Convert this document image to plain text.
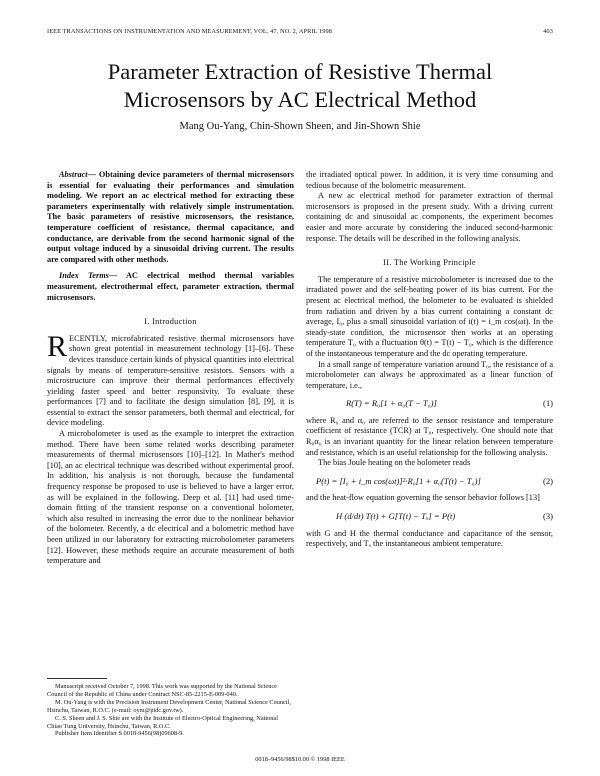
IEEE TRANSACTIONS ON INSTRUMENTATION AND MEASUREMENT, VOL. 47, NO. 2, APRIL 1998	403
Parameter Extraction of Resistive Thermal
Microsensors by AC Electrical Method
Mang Ou-Yang, Chin-Shown Sheen, and Jin-Shown Shie

Abstract— Obtaining device parameters of thermal microsensors is essential for evaluating their performances and simulation modeling. We report an ac electrical method for extracting these parameters experimentally with relatively simple instrumentation. The basic parameters of resistive microsensors, the resistance, temperature coefficient of resistance, thermal capacitance, and conductance, are derivable from the second harmonic signal of the output voltage induced by a sinusoidal driving current. The results are compared with other methods.

Index Terms— AC electrical method thermal variables measurement, electrothermal effect, parameter extraction, thermal microsensors.

I. Introduction

RECENTLY, microfabricated resistive thermal microsensors have shown great potential in measurement technology [1]–[6]. These devices transduce certain kinds of physical quantities into electrical signals by means of temperature-sensitive resistors. Sensors with a microstructure can improve their thermal performances effectively yielding faster speed and better responsivity. To evaluate these performances [7] and to facilitate the design simulation [8], [9], it is essential to extract the sensor parameters, both thermal and electrical, for device modeling.

A microbolometer is used as the example to interpret the extraction method. There have been some related works describing parameter measurements of thermal microsensors [10]–[12]. In Mather's method [10], an ac electrical technique was described without experimental proof. In addition, his analysis is not thorough, because the fundamental frequency response be proposed to use is believed to have a larger error, as will be explained in the following. Deep et al. [11] had used time-domain fitting of the transient response on a conventional bolometer, which also resulted in increasing the error due to the nonlinear behavior of the bolometer. Recently, a dc electrical and a bolometric method have been utilized in our laboratory for extracting microbolometer parameters [12]. However, these methods require an accurate measurement of both temperature and

Manuscript received October 7, 1998. This work was supported by the National Science Council of the Republic of China under Contract NSC-85-2215-E-009-040.

M. Ou-Yang is with the Precision Instrument Development Center, National Science Council, Hsinchu, Taiwan, R.O.C. (e-mail: oym@pidc.gov.tw).

C. S. Sheen and J. S. Shie are with the Institute of Electro-Optical Engineering, National Chiao Tung University, Hsinchu, Taiwan, R.O.C.

Publisher Item Identifier S 0018-9456(98)09608-9.

the irradiated optical power. In addition, it is very time consuming and tedious because of the bolometric measurement.

A new ac electrical method for parameter extraction of thermal microsensors is proposed in the present study. With a driving current containing dc and sinusoidal ac components, the experiment becomes easier and more accurate by considering the induced second-harmonic response. The details will be described in the following analysis.

II. The Working Principle

The temperature of a resistive microbolometer is increased due to the irradiated power and the self-heating power of its bias current. For the present ac electrical method, the bolometer to be evaluated is shielded from radiation and driven by a bias current containing a constant dc average, I₀, plus a small sinusoidal variation of i(t) = i_m cos(ωt). In the steady-state condition, the microsensor then works at an operating temperature T₀ with a fluctuation θ(t) = T(t) − T₀, which is the difference of the instantaneous temperature and the dc operating temperature.

In a small range of temperature variation around T₀, the resistance of a microbolometer can always be approximated as a linear function of temperature, i.e.,

R(T) = R₀[1 + α₀(T − T₀)]	(1)

where R₀ and α₀ are referred to the sensor resistance and temperature coefficient of resistance (TCR) at T₀, respectively. One should note that R₀α₀ is an invariant quantity for the linear relation between temperature and resistance, which is an useful relationship for the following analysis.

The bias Joule heating on the bolometer reads

P(t) = [I₀ + i_m cos(ωt)]²·R₀[1 + α₀(T(t) − T₀)]	(2)

and the heat-flow equation governing the sensor behavior follows [13]

H (d/dt) T(t) + G[T(t) − Tₐ] = P(t)	(3)

with G and H the thermal conductance and capacitance of the sensor, respectively, and Tₐ the instantaneous ambient temperature.

0018–9456/98$10.00 © 1998 IEEE
